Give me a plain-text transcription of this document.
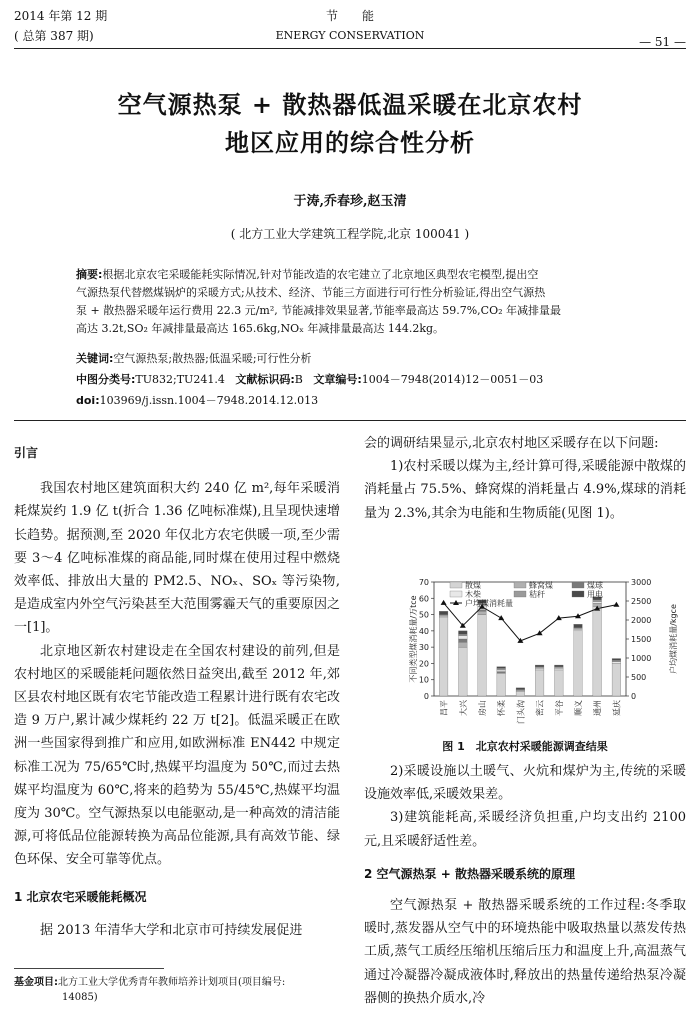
2014 年第 12 期
( 总第 387 期)
节　　能
ENERGY CONSERVATION	— 51 —
空气源热泵 + 散热器低温采暖在北京农村
地区应用的综合性分析
于涛,乔春珍,赵玉清
( 北方工业大学建筑工程学院,北京 100041 )
摘要:根据北京农宅采暖能耗实际情况,针对节能改造的农宅建立了北京地区典型农宅模型,提出空
气源热泵代替燃煤锅炉的采暖方式;从技术、经济、节能三方面进行可行性分析验证,得出空气源热
泵 + 散热器采暖年运行费用 22.3 元/m², 节能减排效果显著,节能率最高达 59.7%,CO₂ 年减排量最
高达 3.2t,SO₂ 年减排量最高达 165.6kg,NOₓ 年减排量最高达 144.2kg。
关键词:空气源热泵;散热器;低温采暖;可行性分析
中图分类号:TU832;TU241.4 文献标识码:B 文章编号:1004－7948(2014)12－0051－03
doi:103969/j.issn.1004－7948.2014.12.013
引言

我国农村地区建筑面积大约 240 亿 m²,每年采暖消耗煤炭约 1.9 亿 t(折合 1.36 亿吨标准煤),且呈现快速增长趋势。据预测,至 2020 年仅北方农宅供暖一项,至少需要 3～4 亿吨标准煤的商品能,同时煤在使用过程中燃烧效率低、排放出大量的 PM2.5、NOₓ、SOₓ 等污染物,是造成室内外空气污染甚至大范围雾霾天气的重要原因之一[1]。

北京地区新农村建设走在全国农村建设的前列,但是农村地区的采暖能耗问题依然日益突出,截至 2012 年,郊区县农村地区既有农宅节能改造工程累计进行既有农宅改造 9 万户,累计减少煤耗约 22 万 t[2]。低温采暖正在欧洲一些国家得到推广和应用,如欧洲标准 EN442 中规定标准工况为 75/65℃时,热媒平均温度为 50℃,而过去热媒平均温度为 60℃,将来的趋势为 55/45℃,热媒平均温度为 30℃。空气源热泵以电能驱动,是一种高效的清洁能源,可将低品位能源转换为高品位能源,具有高效节能、绿色环保、安全可靠等优点。

1 北京农宅采暖能耗概况

据 2013 年清华大学和北京市可持续发展促进

基金项目:北方工业大学优秀青年教师培养计划项目(项目编号:
14085)

会的调研结果显示,北京农村地区采暖存在以下问题:

1)农村采暖以煤为主,经计算可得,采暖能源中散煤的消耗量占 75.5%、蜂窝煤的消耗量占 4.9%,煤球的消耗量为 2.3%,其余为电能和生物质能(见图 1)。

0
10
20
30
40
50
60
70
0
500
1000
1500
2000
2500
3000
不同类型煤消耗量/万tce	户均煤消耗量/kgce
昌平 大兴 房山 怀柔 门头沟 密云 平谷 顺义 通州 延庆
散煤	蜂窝煤	煤球
木柴	秸秆	用电
户均煤消耗量
图 1　北京农村采暖能源调查结果

2)采暖设施以土暖气、火炕和煤炉为主,传统的采暖设施效率低,采暖效果差。

3)建筑能耗高,采暖经济负担重,户均支出约 2100 元,且采暖舒适性差。

2 空气源热泵 + 散热器采暖系统的原理

空气源热泵 + 散热器采暖系统的工作过程:冬季取暖时,蒸发器从空气中的环境热能中吸取热量以蒸发传热工质,蒸气工质经压缩机压缩后压力和温度上升,高温蒸气通过冷凝器冷凝成液体时,释放出的热量传递给热泵冷凝器侧的换热介质水,冷
